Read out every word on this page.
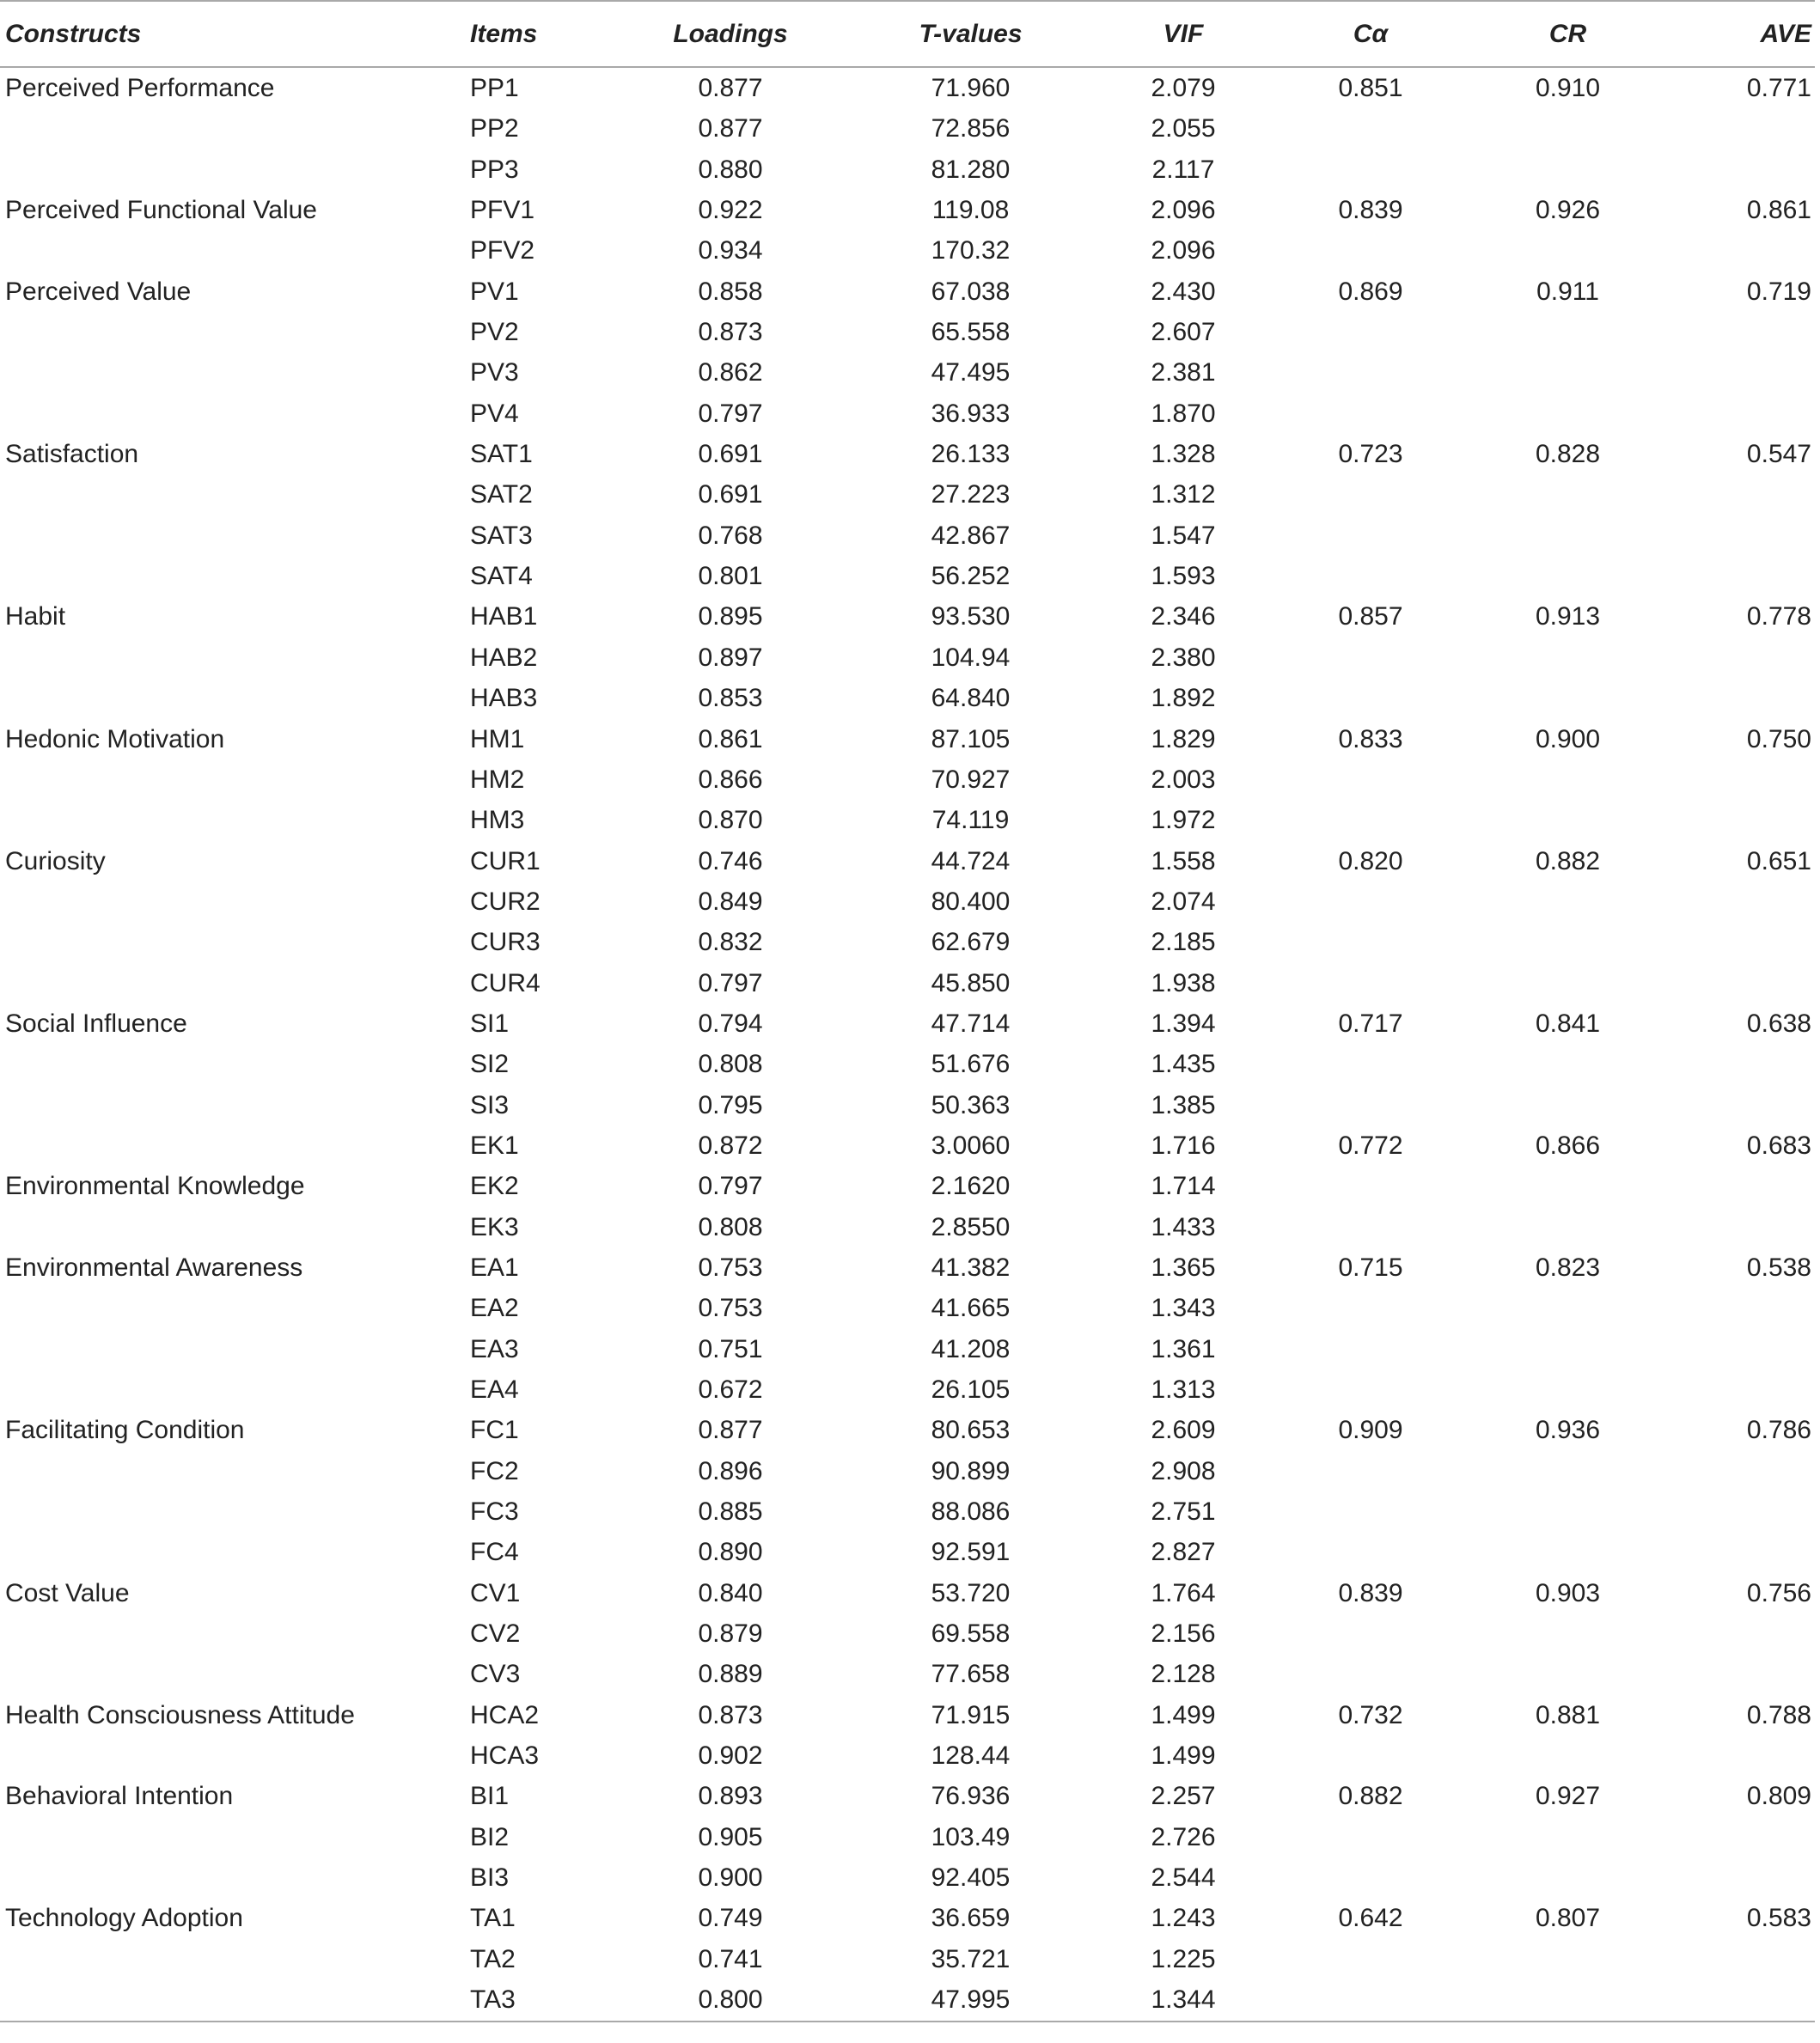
Constructs	Items	Loadings	T-values	VIF	Cα	CR	AVE
Perceived Performance	PP1	0.877	71.960	2.079	0.851	0.910	0.771
	PP2	0.877	72.856	2.055			
	PP3	0.880	81.280	2.117			
Perceived Functional Value	PFV1	0.922	119.08	2.096	0.839	0.926	0.861
	PFV2	0.934	170.32	2.096			
Perceived Value	PV1	0.858	67.038	2.430	0.869	0.911	0.719
	PV2	0.873	65.558	2.607			
	PV3	0.862	47.495	2.381			
	PV4	0.797	36.933	1.870			
Satisfaction	SAT1	0.691	26.133	1.328	0.723	0.828	0.547
	SAT2	0.691	27.223	1.312			
	SAT3	0.768	42.867	1.547			
	SAT4	0.801	56.252	1.593			
Habit	HAB1	0.895	93.530	2.346	0.857	0.913	0.778
	HAB2	0.897	104.94	2.380			
	HAB3	0.853	64.840	1.892			
Hedonic Motivation	HM1	0.861	87.105	1.829	0.833	0.900	0.750
	HM2	0.866	70.927	2.003			
	HM3	0.870	74.119	1.972			
Curiosity	CUR1	0.746	44.724	1.558	0.820	0.882	0.651
	CUR2	0.849	80.400	2.074			
	CUR3	0.832	62.679	2.185			
	CUR4	0.797	45.850	1.938			
Social Influence	SI1	0.794	47.714	1.394	0.717	0.841	0.638
	SI2	0.808	51.676	1.435			
	SI3	0.795	50.363	1.385			
	EK1	0.872	3.0060	1.716	0.772	0.866	0.683
Environmental Knowledge	EK2	0.797	2.1620	1.714			
	EK3	0.808	2.8550	1.433			
Environmental Awareness	EA1	0.753	41.382	1.365	0.715	0.823	0.538
	EA2	0.753	41.665	1.343			
	EA3	0.751	41.208	1.361			
	EA4	0.672	26.105	1.313			
Facilitating Condition	FC1	0.877	80.653	2.609	0.909	0.936	0.786
	FC2	0.896	90.899	2.908			
	FC3	0.885	88.086	2.751			
	FC4	0.890	92.591	2.827			
Cost Value	CV1	0.840	53.720	1.764	0.839	0.903	0.756
	CV2	0.879	69.558	2.156			
	CV3	0.889	77.658	2.128			
Health Consciousness Attitude	HCA2	0.873	71.915	1.499	0.732	0.881	0.788
	HCA3	0.902	128.44	1.499			
Behavioral Intention	BI1	0.893	76.936	2.257	0.882	0.927	0.809
	BI2	0.905	103.49	2.726			
	BI3	0.900	92.405	2.544			
Technology Adoption	TA1	0.749	36.659	1.243	0.642	0.807	0.583
	TA2	0.741	35.721	1.225			
	TA3	0.800	47.995	1.344			
